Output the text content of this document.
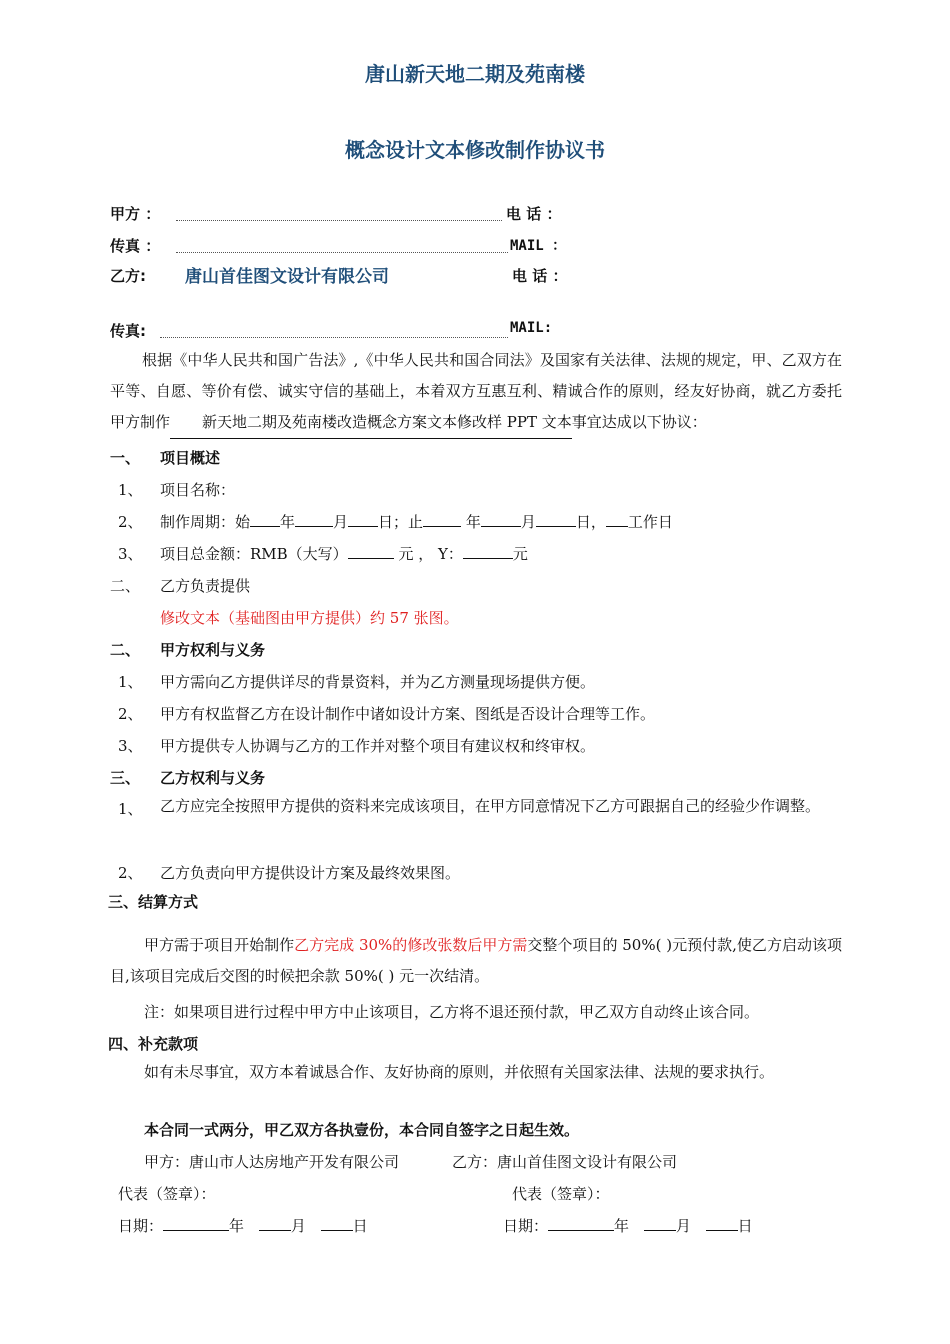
唐山新天地二期及苑南楼
概念设计文本修改制作协议书
甲方 ：	电 话 ：
传真 ：	MAIL ：
乙方: 唐山首佳图文设计有限公司	电 话 ：
传真:	MAIL:
根据《中华人民共和国广告法》,《中华人民共和国合同法》及国家有关法律、法规的规定，甲、乙双方在平等、自愿、等价有偿、诚实守信的基础上，本着双方互惠互利、精诚合作的原则，经友好协商，就乙方委托甲方制作新天地二期及苑南楼改造概念方案文本修改样 PPT 文本事宜达成以下协议：
一、 项目概述
1、 项目名称：
2、 制作周期：始 年	月 日；止	年	月	日， 工作日
3、 项目总金额：RMB（大写）	元 ， Y：	元
二、 乙方负责提供
修改文本（基础图由甲方提供）约 57 张图。
二、 甲方权利与义务
1、 甲方需向乙方提供详尽的背景资料，并为乙方测量现场提供方便。
2、 甲方有权监督乙方在设计制作中诸如设计方案、图纸是否设计合理等工作。
3、 甲方提供专人协调与乙方的工作并对整个项目有建议权和终审权。
三、 乙方权利与义务
1、	乙方应完全按照甲方提供的资料来完成该项目，在甲方同意情况下乙方可跟据自己的经验少作调整。
2、 乙方负责向甲方提供设计方案及最终效果图。
三、结算方式
甲方需于项目开始制作乙方完成 30%的修改张数后甲方需交整个项目的 50%( )元预付款,使乙方启动该项目,该项目完成后交图的时候把余款 50%( ) 元一次结清。
注：如果项目进行过程中甲方中止该项目，乙方将不退还预付款，甲乙双方自动终止该合同。
四、补充款项
如有未尽事宜，双方本着诚恳合作、友好协商的原则，并依照有关国家法律、法规的要求执行。
本合同一式两分，甲乙双方各执壹份，本合同自签字之日起生效。
甲方：唐山市人达房地产开发有限公司	乙方：唐山首佳图文设计有限公司
代表（签章）：	代表（签章）：
日期：	年	月	日	日期：	年	月	日
